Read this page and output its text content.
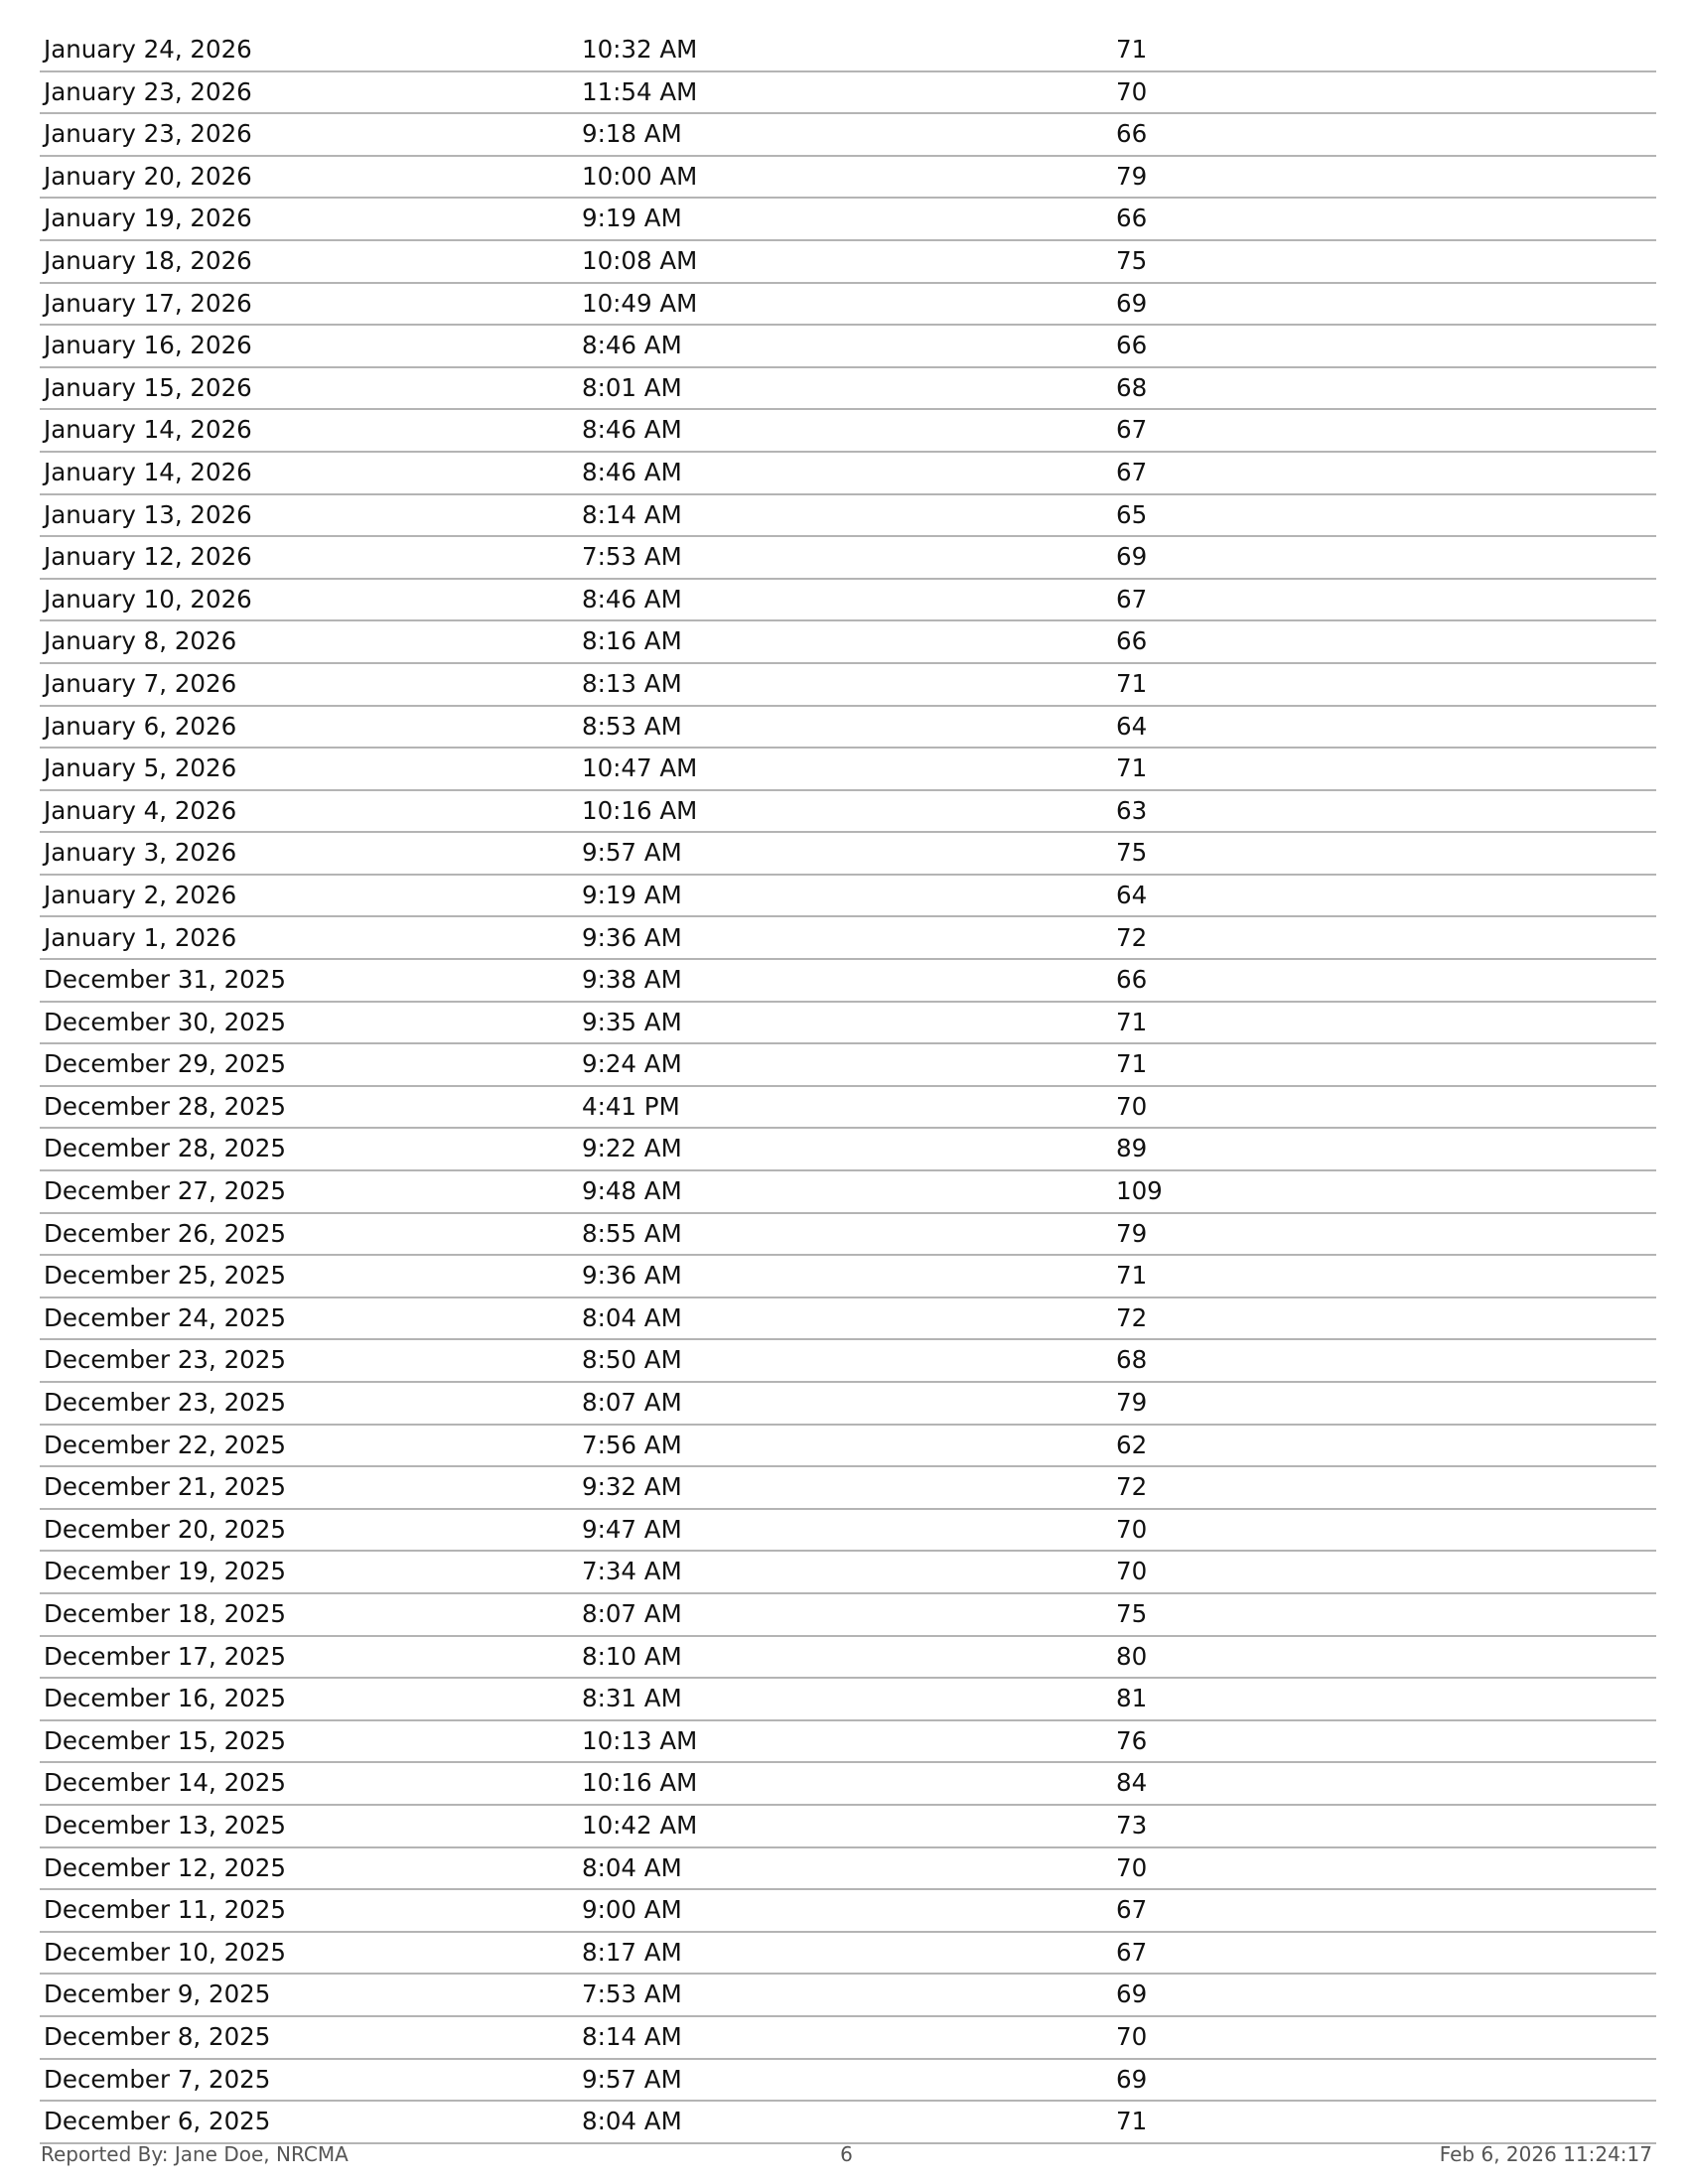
January 24, 2026	10:32 AM	71
January 23, 2026	11:54 AM	70
January 23, 2026	9:18 AM	66
January 20, 2026	10:00 AM	79
January 19, 2026	9:19 AM	66
January 18, 2026	10:08 AM	75
January 17, 2026	10:49 AM	69
January 16, 2026	8:46 AM	66
January 15, 2026	8:01 AM	68
January 14, 2026	8:46 AM	67
January 14, 2026	8:46 AM	67
January 13, 2026	8:14 AM	65
January 12, 2026	7:53 AM	69
January 10, 2026	8:46 AM	67
January 8, 2026	8:16 AM	66
January 7, 2026	8:13 AM	71
January 6, 2026	8:53 AM	64
January 5, 2026	10:47 AM	71
January 4, 2026	10:16 AM	63
January 3, 2026	9:57 AM	75
January 2, 2026	9:19 AM	64
January 1, 2026	9:36 AM	72
December 31, 2025	9:38 AM	66
December 30, 2025	9:35 AM	71
December 29, 2025	9:24 AM	71
December 28, 2025	4:41 PM	70
December 28, 2025	9:22 AM	89
December 27, 2025	9:48 AM	109
December 26, 2025	8:55 AM	79
December 25, 2025	9:36 AM	71
December 24, 2025	8:04 AM	72
December 23, 2025	8:50 AM	68
December 23, 2025	8:07 AM	79
December 22, 2025	7:56 AM	62
December 21, 2025	9:32 AM	72
December 20, 2025	9:47 AM	70
December 19, 2025	7:34 AM	70
December 18, 2025	8:07 AM	75
December 17, 2025	8:10 AM	80
December 16, 2025	8:31 AM	81
December 15, 2025	10:13 AM	76
December 14, 2025	10:16 AM	84
December 13, 2025	10:42 AM	73
December 12, 2025	8:04 AM	70
December 11, 2025	9:00 AM	67
December 10, 2025	8:17 AM	67
December 9, 2025	7:53 AM	69
December 8, 2025	8:14 AM	70
December 7, 2025	9:57 AM	69
December 6, 2025	8:04 AM	71
Reported By: Jane Doe, NRCMA	6	Feb 6, 2026 11:24:17
